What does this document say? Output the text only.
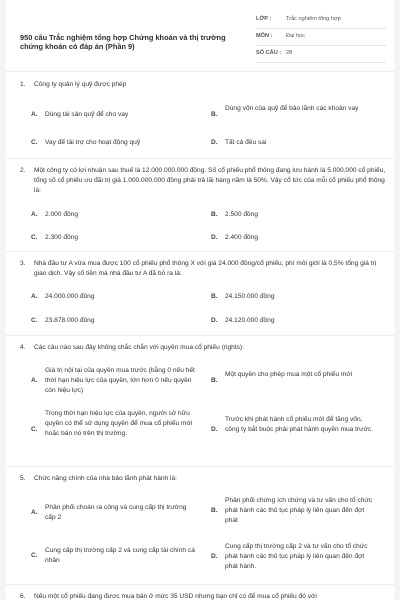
950 câu Trắc nghiệm tổng hợp Chứng khoán và thị trường chứng khoán có đáp án (Phần 9)
LỚP :	Trắc nghiệm tổng hợp
MÔN : Đại học
SỐ CÂU : 28
1. Công ty quản lý quỹ được phép
A. Dùng tài sản quỹ để cho vay	B.
Dùng vốn của quỹ để bảo lãnh các khoản vay
C. Vay để tài trợ cho hoạt động quỹ	D. Tất cả đều sai
2. Một công ty có lợi nhuận sau thuế là 12.000.000.000 đồng. Số cổ phiếu phổ thông đang lưu hành là 5.000.000 cổ phiếu, tổng số cổ phiếu ưu đãi trị giá 1.000.000.000 đồng phải trả lãi hàng năm là 50%. Vậy cổ tức của mỗi cổ phiếu phổ thông là:
A. 2.000 đồng	B. 2.500 đồng
C. 2.300 đồng	D. 2.400 đồng
3. Nhà đầu tư A vừa mua được 100 cổ phiếu phổ thông X với giá 24.000 đồng/cổ phiếu, phí môi giới là 0,5% tổng giá trị giao dịch. Vậy số tiền mà nhà đầu tư A đã bỏ ra là:
A. 24.000.000 đồng	B. 24.150.000 đồng
C. 23.878.000 đồng	D. 24.120.000 đồng
4. Các câu nào sau đây không chắc chắn với quyền mua cổ phiếu (rights):
A.
Giá trị nội tại của quyền mua trước (bằng 0 nếu hết thời hạn hiệu lực của quyền, lớn hơn 0 nếu quyền còn hiệu lực)
B.
Một quyền cho phép mua một cổ phiếu mới
C.
Trong thời hạn hiệu lực của quyền, người sở hữu quyền có thể sử dụng quyền để mua cổ phiếu mới hoặc bán nó trên thị trường.
D.
Trước khi phát hành cổ phiếu mới để tăng vốn, công ty bắt buộc phải phát hành quyền mua trước.
5. Chức năng chính của nhà bảo lãnh phát hành là:
A.
Phân phối choán ra công và cung cấp thị trường cấp 2
B.
Phân phối chứng ích chứng và tư vấn cho tổ chức phát hành các thủ tục pháp lý liên quan đến đợt phát
C.
Cung cấp thị trường cấp 2 và cung cấp tài chính cá nhân
D.
Cung cấp thị trường cấp 2 và tư vấn cho tổ chức phát hành các thủ tục pháp lý liên quan đến đợt phát hành.
6. Nếu một cổ phiếu đang được mua bán ở mức 35 USD nhưng bạn chỉ có để mua cổ phiếu đó với
